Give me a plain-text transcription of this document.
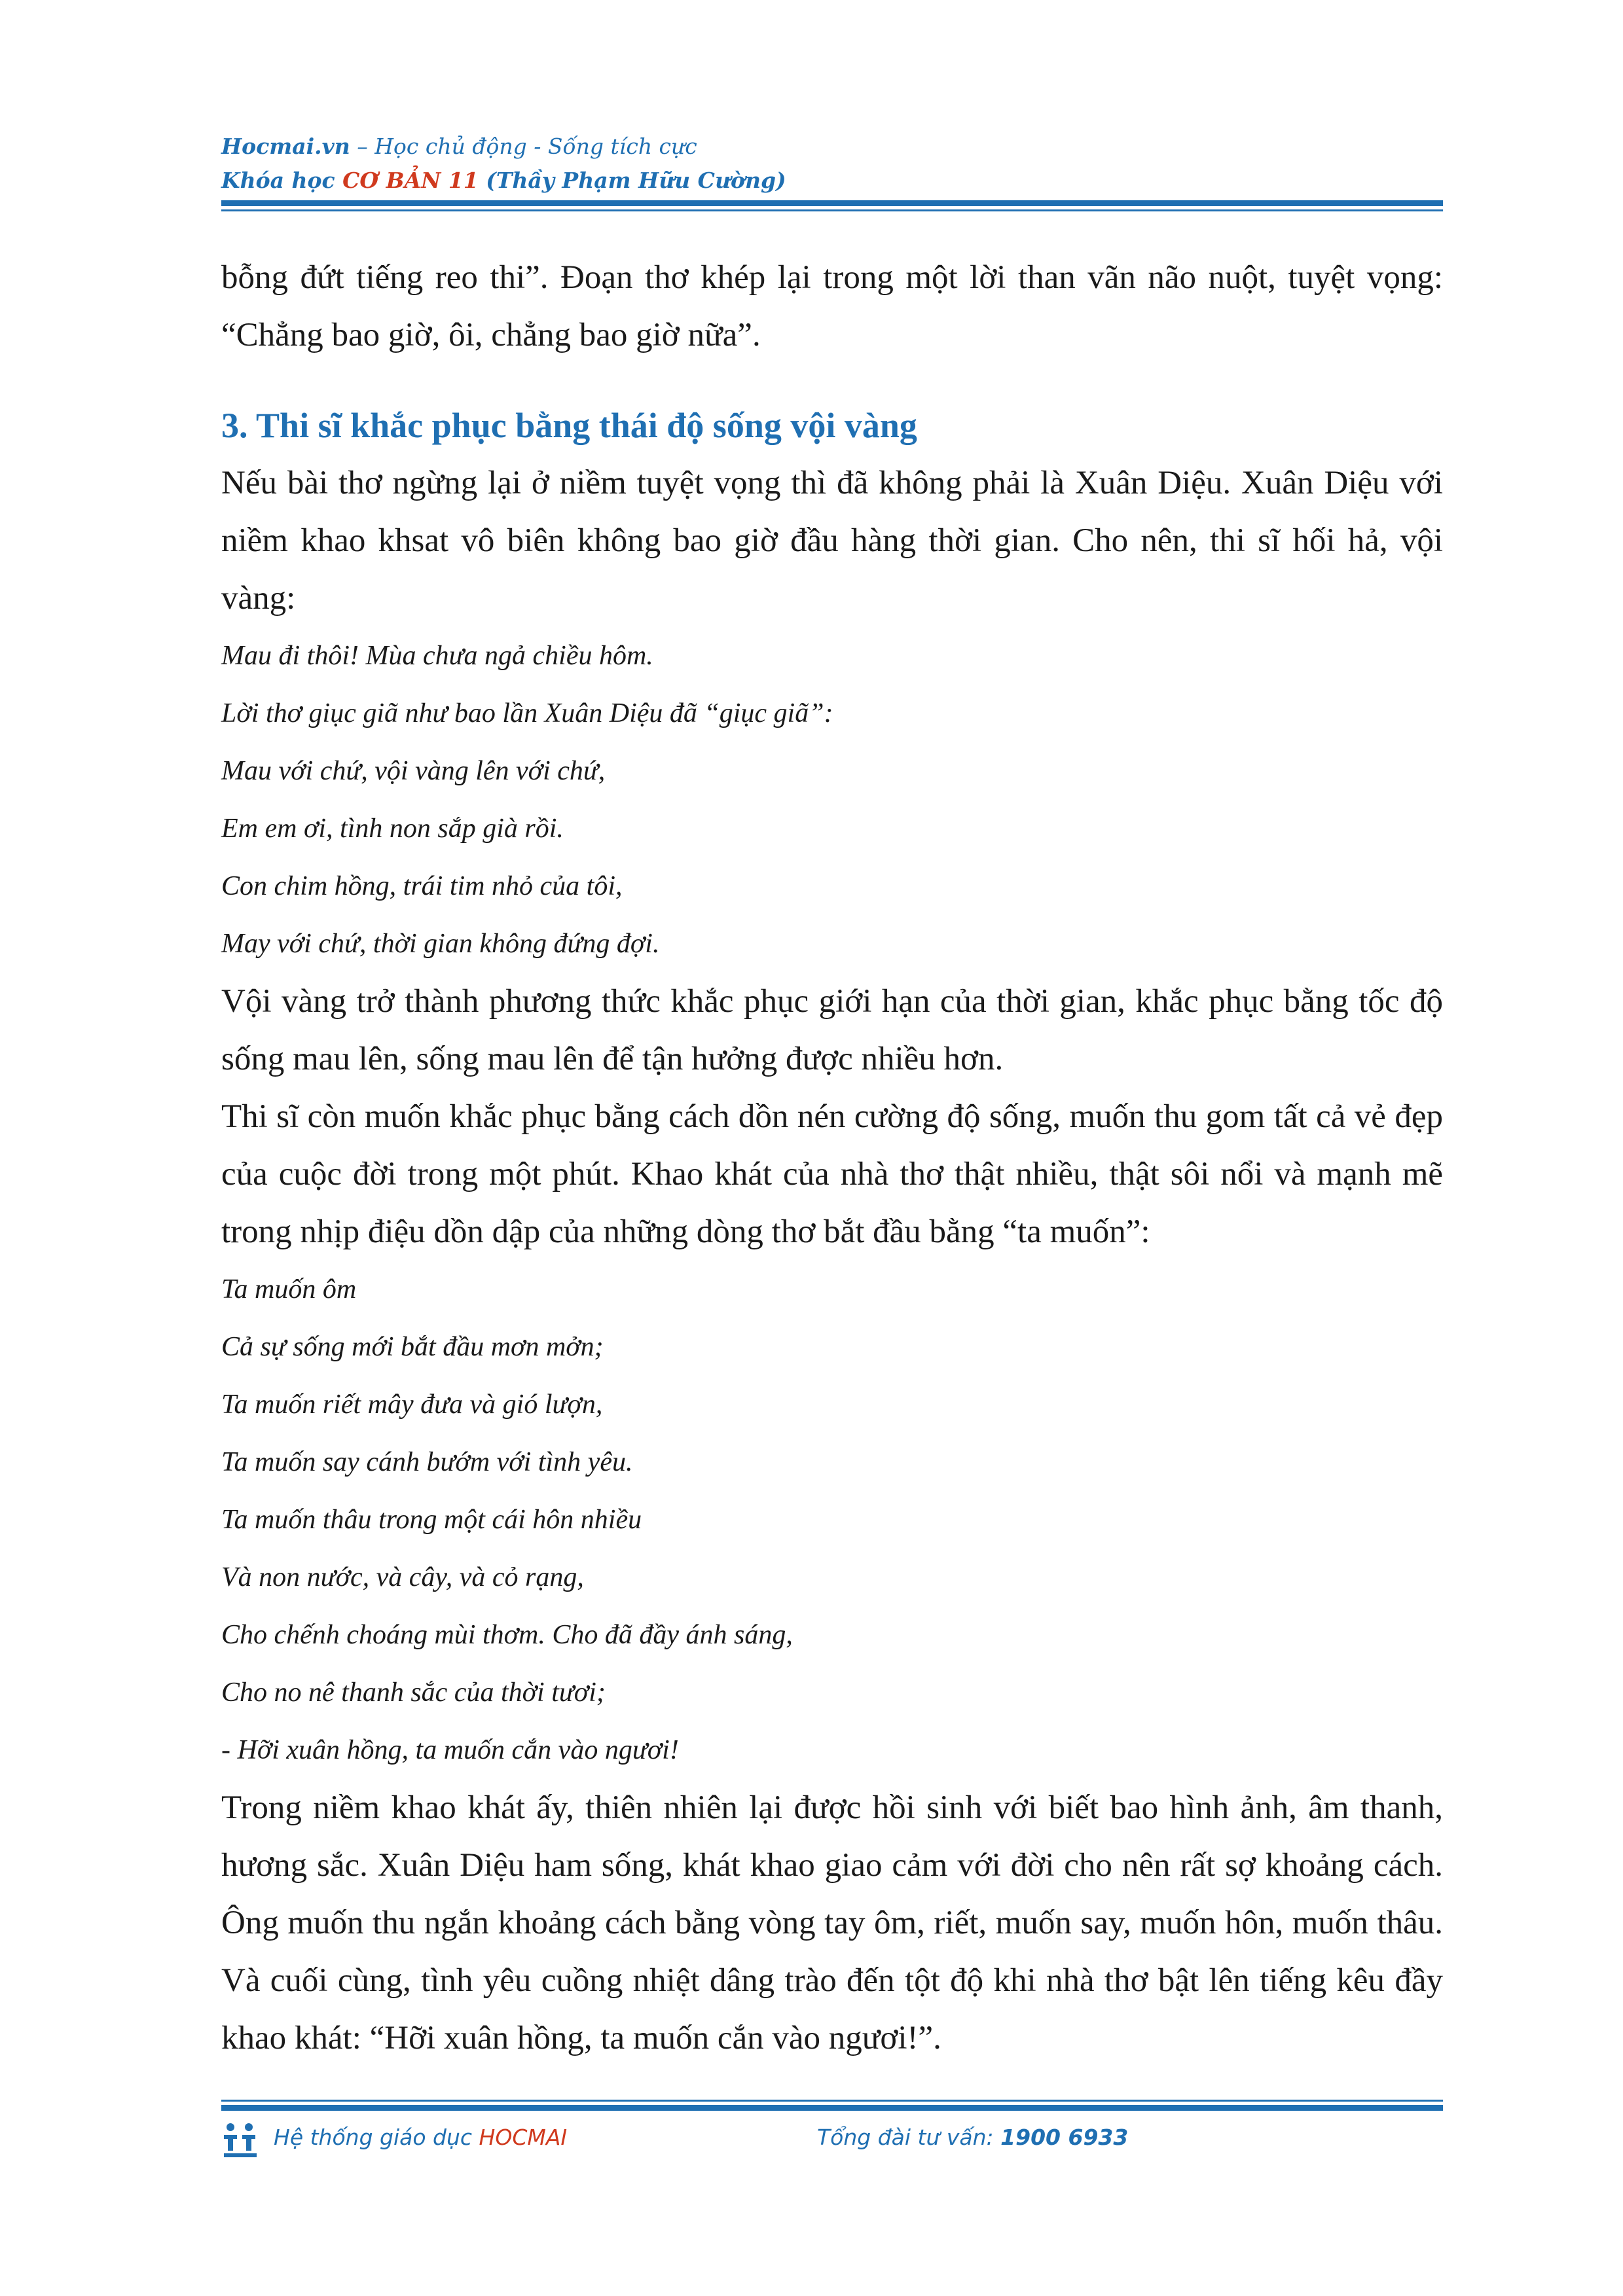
Hocmai.vn – Học chủ động - Sống tích cực
Khóa học CƠ BẢN 11 (Thầy Phạm Hữu Cường)

bỗng đứt tiếng reo thi”. Đoạn thơ khép lại trong một lời than vãn não nuột, tuyệt vọng: “Chẳng bao giờ, ôi, chẳng bao giờ nữa”.

3. Thi sĩ khắc phục bằng thái độ sống vội vàng

Nếu bài thơ ngừng lại ở niềm tuyệt vọng thì đã không phải là Xuân Diệu. Xuân Diệu với niềm khao khsat vô biên không bao giờ đầu hàng thời gian. Cho nên, thi sĩ hối hả, vội vàng:

Mau đi thôi! Mùa chưa ngả chiều hôm.

Lời thơ giục giã như bao lần Xuân Diệu đã “giục giã”:

Mau với chứ, vội vàng lên với chứ,

Em em ơi, tình non sắp già rồi.

Con chim hồng, trái tim nhỏ của tôi,

May với chứ, thời gian không đứng đợi.

Vội vàng trở thành phương thức khắc phục giới hạn của thời gian, khắc phục bằng tốc độ sống mau lên, sống mau lên để tận hưởng được nhiều hơn.

Thi sĩ còn muốn khắc phục bằng cách dồn nén cường độ sống, muốn thu gom tất cả vẻ đẹp của cuộc đời trong một phút. Khao khát của nhà thơ thật nhiều, thật sôi nổi và mạnh mẽ trong nhịp điệu dồn dập của những dòng thơ bắt đầu bằng “ta muốn”:

Ta muốn ôm

Cả sự sống mới bắt đầu mơn mởn;

Ta muốn riết mây đưa và gió lượn,

Ta muốn say cánh bướm với tình yêu.

Ta muốn thâu trong một cái hôn nhiều

Và non nước, và cây, và cỏ rạng,

Cho chếnh choáng mùi thơm. Cho đã đầy ánh sáng,

Cho no nê thanh sắc của thời tươi;

- Hỡi xuân hồng, ta muốn cắn vào ngươi!

Trong niềm khao khát ấy, thiên nhiên lại được hồi sinh với biết bao hình ảnh, âm thanh, hương sắc. Xuân Diệu ham sống, khát khao giao cảm với đời cho nên rất sợ khoảng cách. Ông muốn thu ngắn khoảng cách bằng vòng tay ôm, riết, muốn say, muốn hôn, muốn thâu. Và cuối cùng, tình yêu cuồng nhiệt dâng trào đến tột độ khi nhà thơ bật lên tiếng kêu đầy khao khát: “Hỡi xuân hồng, ta muốn cắn vào ngươi!”.

Hệ thống giáo dục HOCMAI	Tổng đài tư vấn: 1900 6933
